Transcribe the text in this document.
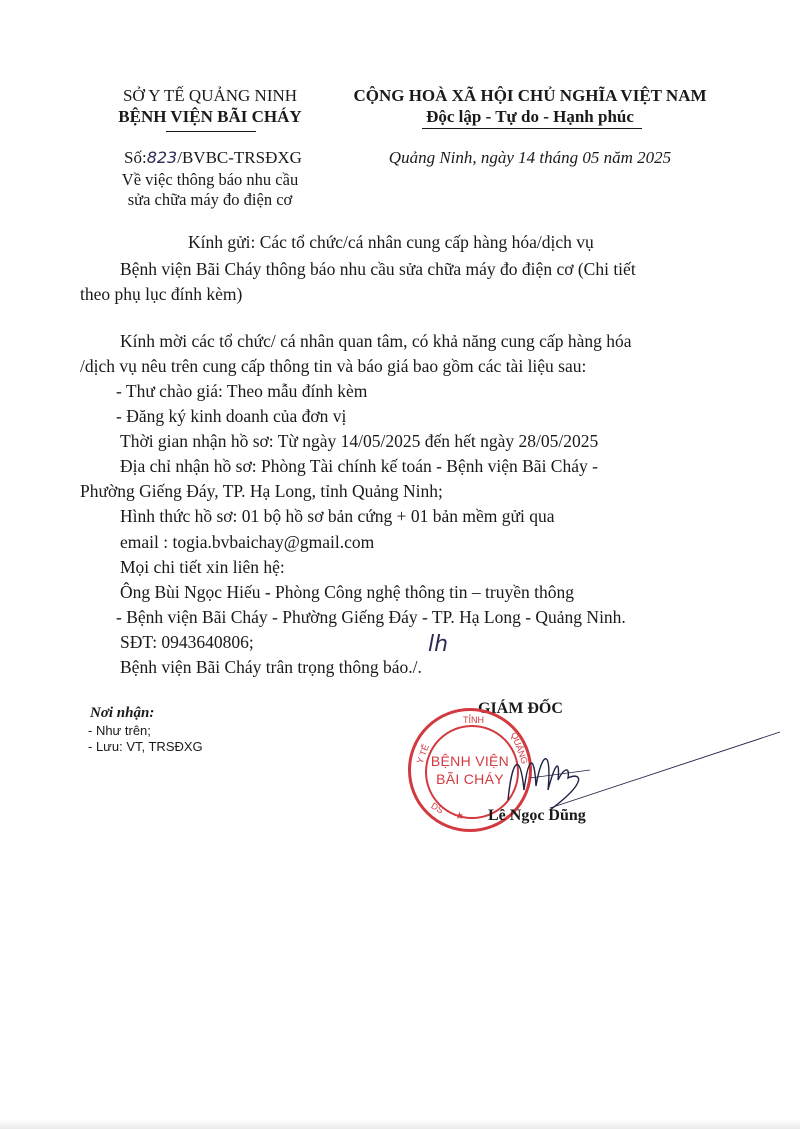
SỞ Y TẾ QUẢNG NINH
BỆNH VIỆN BÃI CHÁY
CỘNG HOÀ XÃ HỘI CHỦ NGHĨA VIỆT NAM
Độc lập - Tự do - Hạnh phúc
Số:823/BVBC-TRSĐXG
Về việc thông báo nhu cầu
sửa chữa máy đo điện cơ
Quảng Ninh, ngày 14 tháng 05 năm 2025
Kính gửi: Các tổ chức/cá nhân cung cấp hàng hóa/dịch vụ
Bệnh viện Bãi Cháy thông báo nhu cầu sửa chữa máy đo điện cơ (Chi tiết
theo phụ lục đính kèm)
Kính mời các tổ chức/ cá nhân quan tâm, có khả năng cung cấp hàng hóa
/dịch vụ nêu trên cung cấp thông tin và báo giá bao gồm các tài liệu sau:
- Thư chào giá: Theo mẫu đính kèm
- Đăng ký kinh doanh của đơn vị
Thời gian nhận hồ sơ: Từ ngày 14/05/2025 đến hết ngày 28/05/2025
Địa chỉ nhận hồ sơ: Phòng Tài chính kế toán - Bệnh viện Bãi Cháy -
Phường Giếng Đáy, TP. Hạ Long, tỉnh Quảng Ninh;
Hình thức hồ sơ: 01 bộ hồ sơ bản cứng + 01 bản mềm gửi qua
email : togia.bvbaichay@gmail.com
Mọi chi tiết xin liên hệ:
Ông Bùi Ngọc Hiếu - Phòng Công nghệ thông tin – truyền thông
- Bệnh viện Bãi Cháy - Phường Giếng Đáy - TP. Hạ Long - Quảng Ninh.
SĐT: 0943640806;
Bệnh viện Bãi Cháy trân trọng thông báo./.
lh
Nơi nhận:
- Như trên;
- Lưu: VT, TRSĐXG
GIÁM ĐỐC
TỈNH
Y TẾ	QUẢNG
DS
BỆNH VIỆN
BÃI CHÁY
★ Lê Ngọc Dũng
